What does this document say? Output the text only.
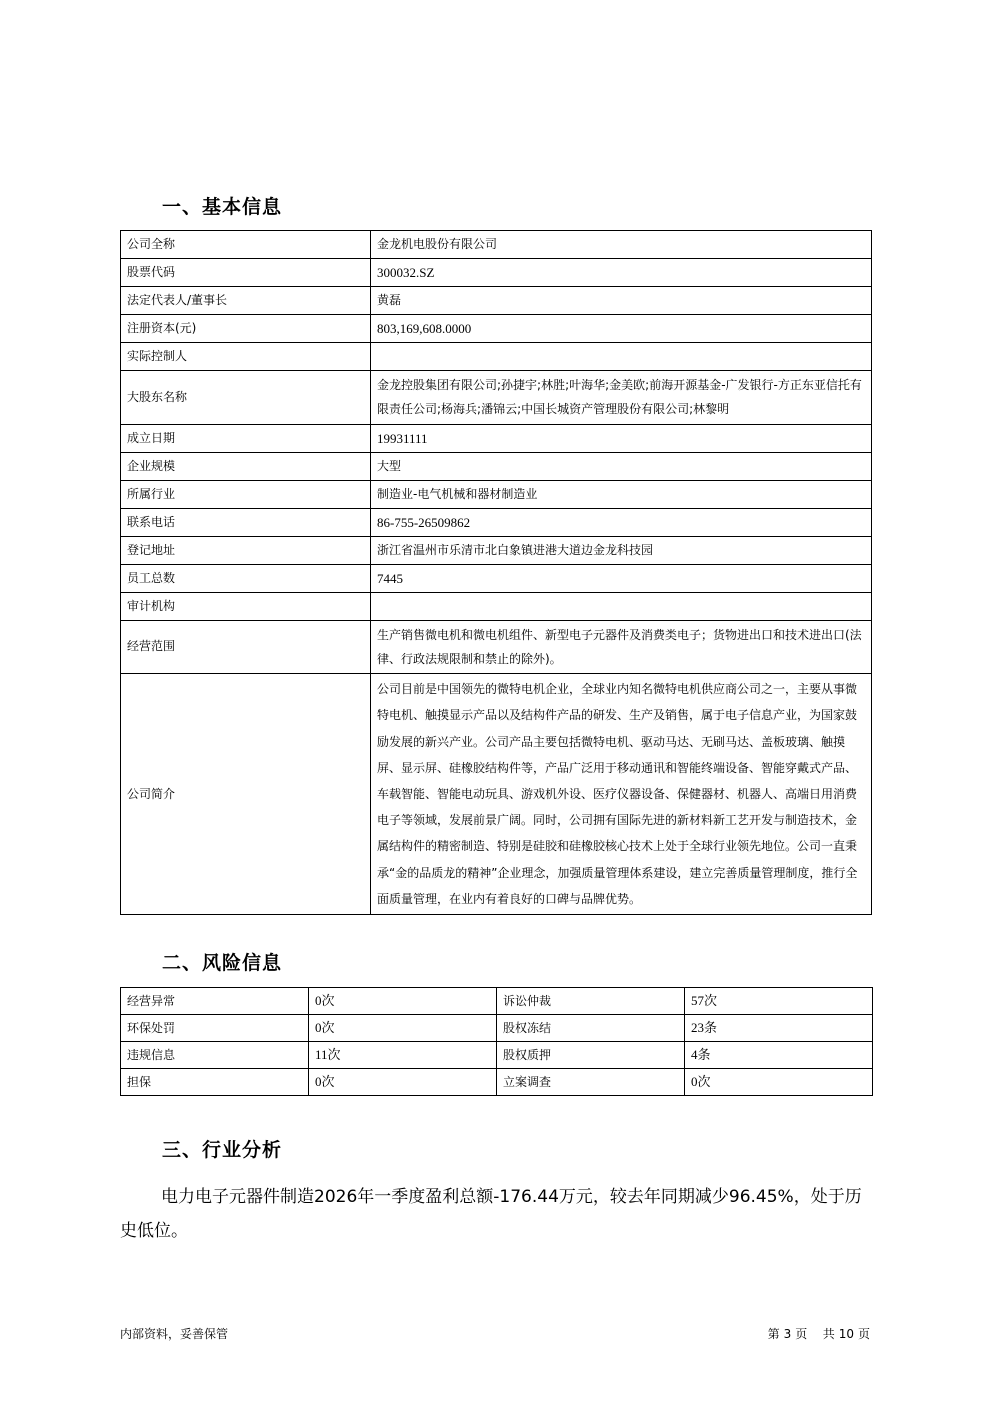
一、基本信息
公司全称	金龙机电股份有限公司
股票代码	300032.SZ
法定代表人/董事长	黄磊
注册资本(元)	803,169,608.0000
实际控制人	
大股东名称	金龙控股集团有限公司;孙捷宇;林胜;叶海华;金美欧;前海开源基金-广发银行-方正东亚信托有限责任公司;杨海兵;潘锦云;中国长城资产管理股份有限公司;林黎明
成立日期	19931111
企业规模	大型
所属行业	制造业-电气机械和器材制造业
联系电话	86-755-26509862
登记地址	浙江省温州市乐清市北白象镇进港大道边金龙科技园
员工总数	7445
审计机构	
经营范围	生产销售微电机和微电机组件、新型电子元器件及消费类电子；货物进出口和技术进出口(法律、行政法规限制和禁止的除外)。
公司简介	公司目前是中国领先的微特电机企业，全球业内知名微特电机供应商公司之一，主要从事微特电机、触摸显示产品以及结构件产品的研发、生产及销售，属于电子信息产业，为国家鼓励发展的新兴产业。公司产品主要包括微特电机、驱动马达、无刷马达、盖板玻璃、触摸屏、显示屏、硅橡胶结构件等，产品广泛用于移动通讯和智能终端设备、智能穿戴式产品、车载智能、智能电动玩具、游戏机外设、医疗仪器设备、保健器材、机器人、高端日用消费电子等领域，发展前景广阔。同时，公司拥有国际先进的新材料新工艺开发与制造技术，金属结构件的精密制造、特别是硅胶和硅橡胶核心技术上处于全球行业领先地位。公司一直秉承“金的品质龙的精神”企业理念，加强质量管理体系建设，建立完善质量管理制度，推行全面质量管理，在业内有着良好的口碑与品牌优势。
二、风险信息
经营异常	0次	诉讼仲裁	57次
环保处罚	0次	股权冻结	23条
违规信息	11次	股权质押	4条
担保	0次	立案调查	0次
三、行业分析

电力电子元器件制造2026年一季度盈利总额-176.44万元，较去年同期减少96.45%，处于历史低位。

内部资料，妥善保管	第 3 页 共 10 页
